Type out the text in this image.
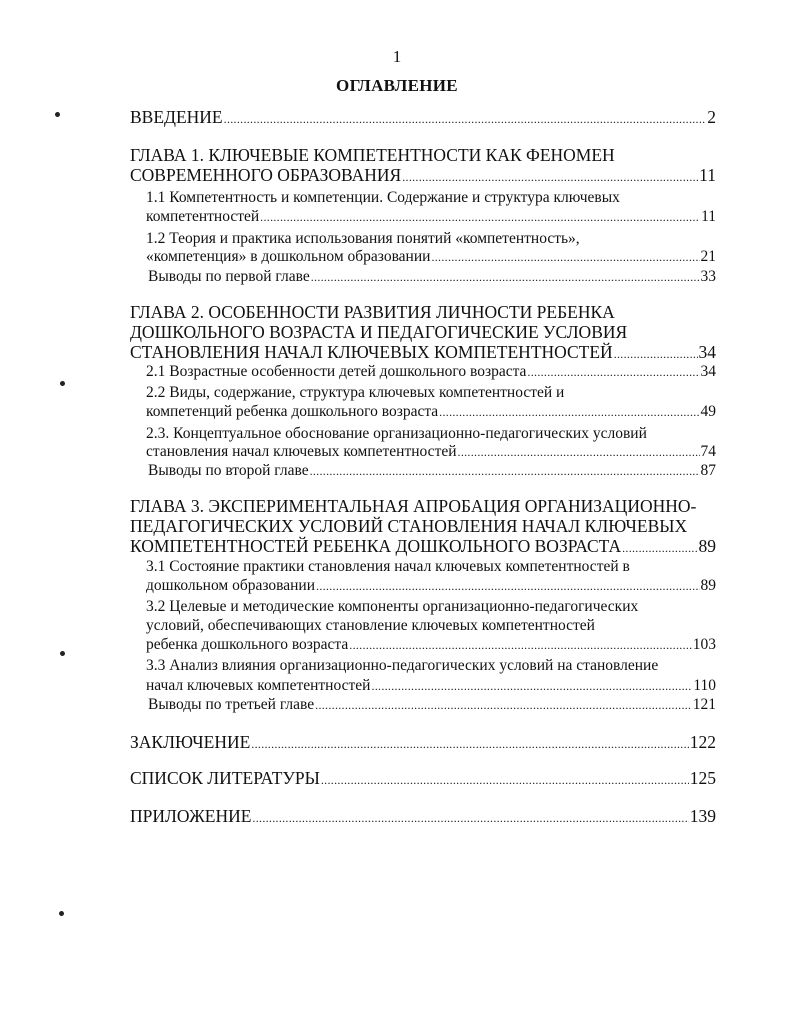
1
ОГЛАВЛЕНИЕ
ВВЕДЕНИЕ .....	2
ГЛАВА 1. КЛЮЧЕВЫЕ КОМПЕТЕНТНОСТИ КАК ФЕНОМЕН
СОВРЕМЕННОГО ОБРАЗОВАНИЯ .....	11
1.1 Компетентность и компетенции. Содержание и структура ключевых
компетентностей .....	11
1.2 Теория и практика использования понятий «компетентность»,
«компетенция» в дошкольном образовании .....	21
Выводы по первой главе .....	33
ГЛАВА 2. ОСОБЕННОСТИ РАЗВИТИЯ ЛИЧНОСТИ РЕБЕНКА
ДОШКОЛЬНОГО ВОЗРАСТА И ПЕДАГОГИЧЕСКИЕ УСЛОВИЯ
СТАНОВЛЕНИЯ НАЧАЛ КЛЮЧЕВЫХ КОМПЕТЕНТНОСТЕЙ .....	34
2.1 Возрастные особенности детей дошкольного возраста .....	34
2.2 Виды, содержание, структура ключевых компетентностей и
компетенций ребенка дошкольного возраста .....	49
2.3. Концептуальное обоснование организационно-педагогических условий
становления начал ключевых компетентностей .....	74
Выводы по второй главе .....	87
ГЛАВА 3. ЭКСПЕРИМЕНТАЛЬНАЯ АПРОБАЦИЯ ОРГАНИЗАЦИОННО-
ПЕДАГОГИЧЕСКИХ УСЛОВИЙ СТАНОВЛЕНИЯ НАЧАЛ КЛЮЧЕВЫХ
КОМПЕТЕНТНОСТЕЙ РЕБЕНКА ДОШКОЛЬНОГО ВОЗРАСТА .....	89
3.1 Состояние практики становления начал ключевых компетентностей в
дошкольном образовании .....	89
3.2 Целевые и методические компоненты организационно-педагогических
условий, обеспечивающих становление ключевых компетентностей
ребенка дошкольного возраста .....	103
3.3 Анализ влияния организационно-педагогических условий на становление
начал ключевых компетентностей .....	110
Выводы по третьей главе .....	121
ЗАКЛЮЧЕНИЕ .....	122
СПИСОК ЛИТЕРАТУРЫ .....	125
ПРИЛОЖЕНИЕ .....	139
